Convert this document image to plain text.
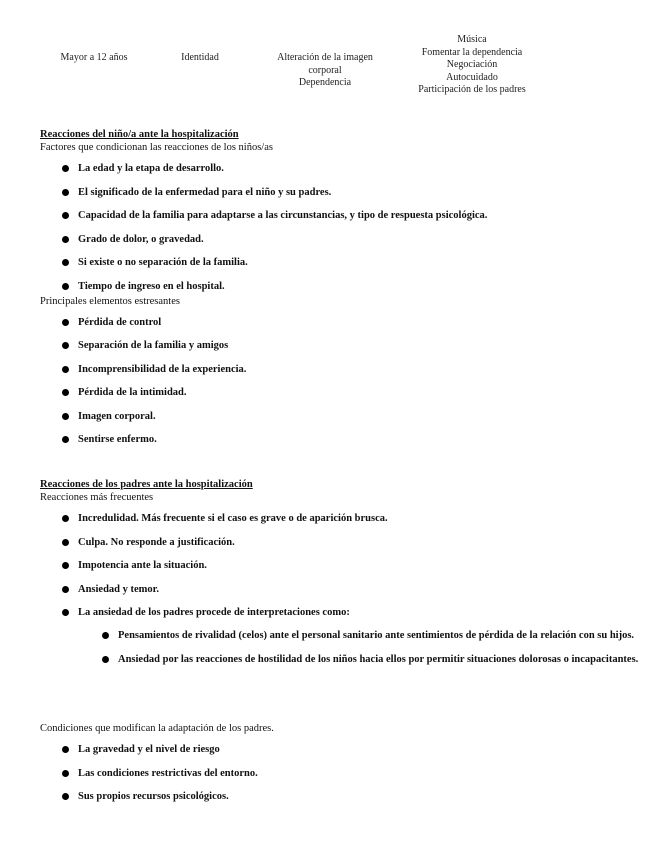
Mayor a 12 años	Identidad	Alteración de la imagen
corporal
Dependencia
Música
Fomentar la dependencia
Negociación
Autocuidado
Participación de los padres
Reacciones del niño/a ante la hospitalización
Factores que condicionan las reacciones de los niños/as
La edad y la etapa de desarrollo.
El significado de la enfermedad para el niño y su padres.
Capacidad de la familia para adaptarse a las circunstancias, y tipo de respuesta psicológica.
Grado de dolor, o gravedad.
Si existe o no separación de la familia.
Tiempo de ingreso en el hospital.
Principales elementos estresantes
Pérdida de control
Separación de la familia y amigos
Incomprensibilidad de la experiencia.
Pérdida de la intimidad.
Imagen corporal.
Sentirse enfermo.
Reacciones de los padres ante la hospitalización
Reacciones más frecuentes
Incredulidad. Más frecuente si el caso es grave o de aparición brusca.
Culpa. No responde a justificación.
Impotencia ante la situación.
Ansiedad y temor.
La ansiedad de los padres procede de interpretaciones como:
Pensamientos de rivalidad (celos) ante el personal sanitario ante sentimientos de pérdida de la relación con su hijos.
Ansiedad por las reacciones de hostilidad de los niños hacia ellos por permitir situaciones dolorosas o incapacitantes.
Condiciones que modifican la adaptación de los padres.
La gravedad y el nivel de riesgo
Las condiciones restrictivas del entorno.
Sus propios recursos psicológicos.
